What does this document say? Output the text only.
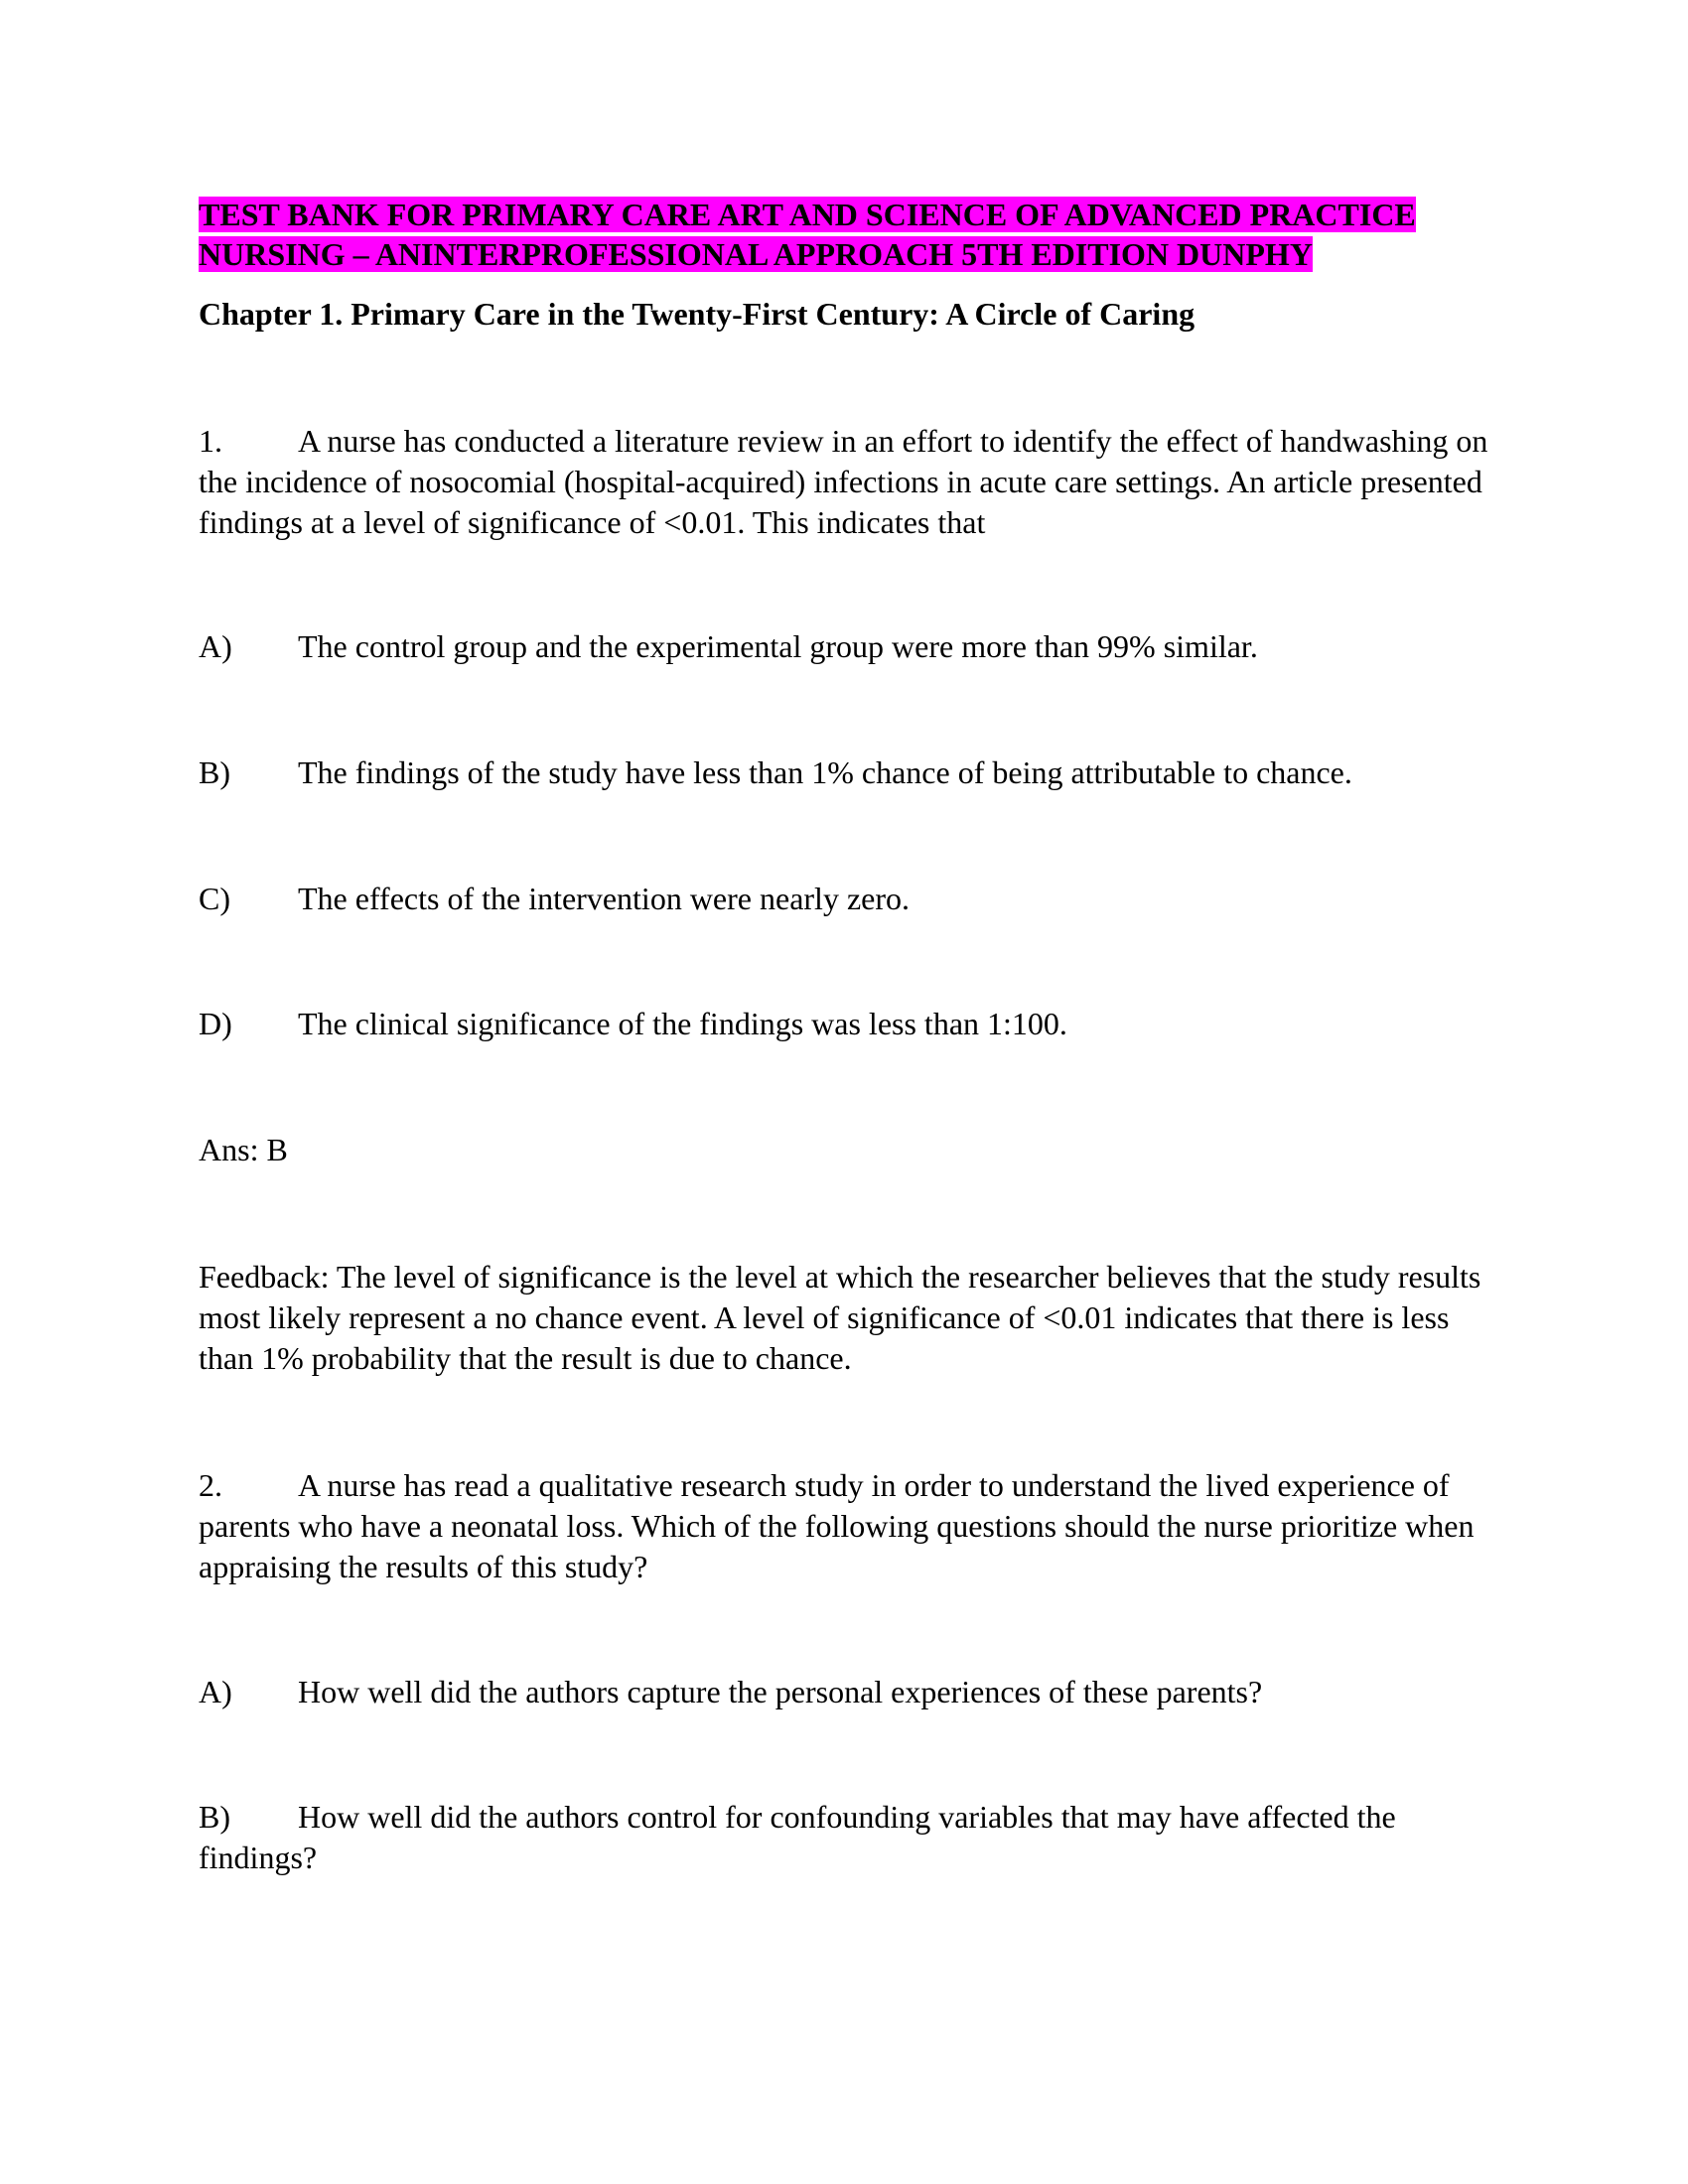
TEST BANK FOR PRIMARY CARE ART AND SCIENCE OF ADVANCED PRACTICE

NURSING – ANINTERPROFESSIONAL APPROACH 5TH EDITION DUNPHY

Chapter 1. Primary Care in the Twenty-First Century: A Circle of Caring

1. A nurse has conducted a literature review in an effort to identify the effect of handwashing on the incidence of nosocomial (hospital-acquired) infections in acute care settings. An article presented findings at a level of significance of <0.01. This indicates that

A) The control group and the experimental group were more than 99% similar.

B) The findings of the study have less than 1% chance of being attributable to chance.

C) The effects of the intervention were nearly zero.

D) The clinical significance of the findings was less than 1:100.

Ans: B

Feedback: The level of significance is the level at which the researcher believes that the study results most likely represent a no chance event. A level of significance of <0.01 indicates that there is less than 1% probability that the result is due to chance.

2. A nurse has read a qualitative research study in order to understand the lived experience of parents who have a neonatal loss. Which of the following questions should the nurse prioritize when appraising the results of this study?

A) How well did the authors capture the personal experiences of these parents?

B) How well did the authors control for confounding variables that may have affected the findings?
